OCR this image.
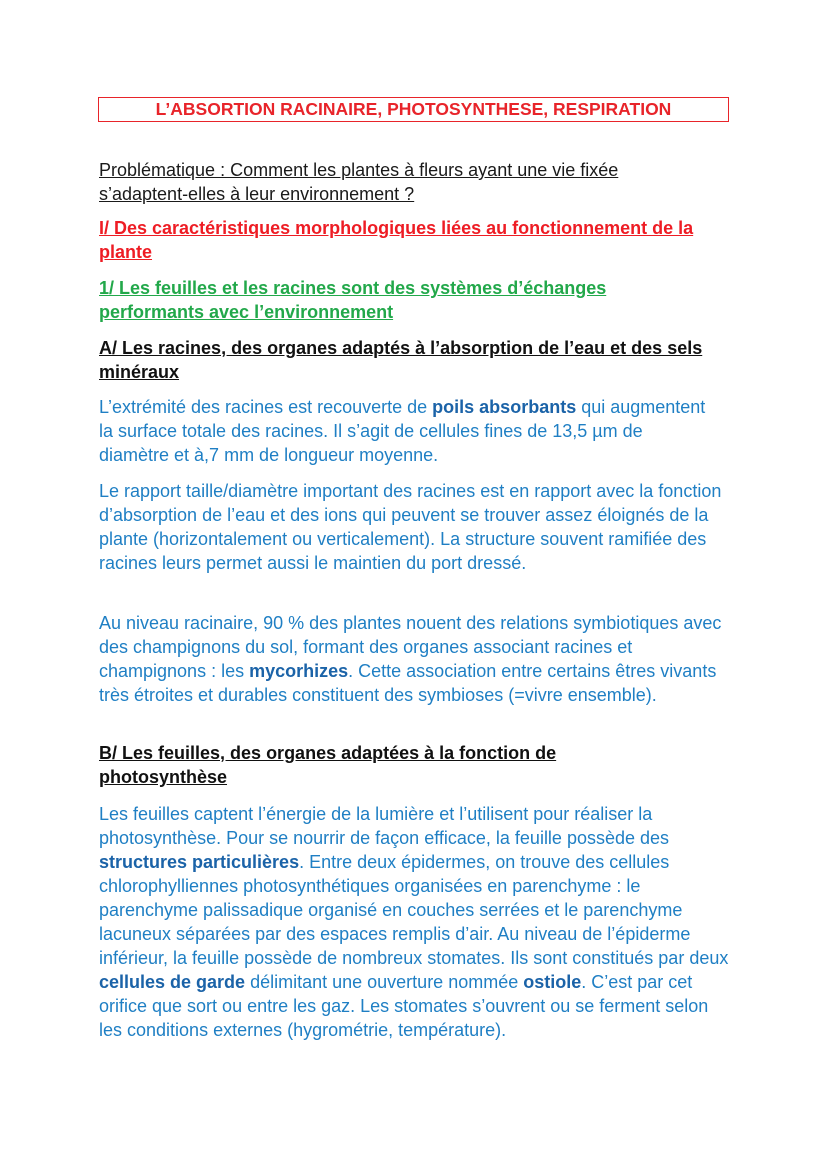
L’ABSORTION RACINAIRE, PHOTOSYNTHESE, RESPIRATION

Problématique : Comment les plantes à fleurs ayant une vie fixée s’adaptent-elles à leur environnement ?

I/ Des caractéristiques morphologiques liées au fonctionnement de la plante

1/ Les feuilles et les racines sont des systèmes d’échanges performants avec l’environnement

A/ Les racines, des organes adaptés à l’absorption de l’eau et des sels minéraux

L’extrémité des racines est recouverte de poils absorbants qui augmentent la surface totale des racines. Il s’agit de cellules fines de 13,5 µm de diamètre et à,7 mm de longueur moyenne.

Le rapport taille/diamètre important des racines est en rapport avec la fonction d’absorption de l’eau et des ions qui peuvent se trouver assez éloignés de la plante (horizontalement ou verticalement). La structure souvent ramifiée des racines leurs permet aussi le maintien du port dressé.

Au niveau racinaire, 90 % des plantes nouent des relations symbiotiques avec des champignons du sol, formant des organes associant racines et champignons : les mycorhizes. Cette association entre certains êtres vivants très étroites et durables constituent des symbioses (=vivre ensemble).

B/ Les feuilles, des organes adaptées à la fonction de photosynthèse

Les feuilles captent l’énergie de la lumière et l’utilisent pour réaliser la photosynthèse. Pour se nourrir de façon efficace, la feuille possède des structures particulières. Entre deux épidermes, on trouve des cellules chlorophylliennes photosynthétiques organisées en parenchyme : le parenchyme palissadique organisé en couches serrées et le parenchyme lacuneux séparées par des espaces remplis d’air. Au niveau de l’épiderme inférieur, la feuille possède de nombreux stomates. Ils sont constitués par deux cellules de garde délimitant une ouverture nommée ostiole. C’est par cet orifice que sort ou entre les gaz. Les stomates s’ouvrent ou se ferment selon les conditions externes (hygrométrie, température).
